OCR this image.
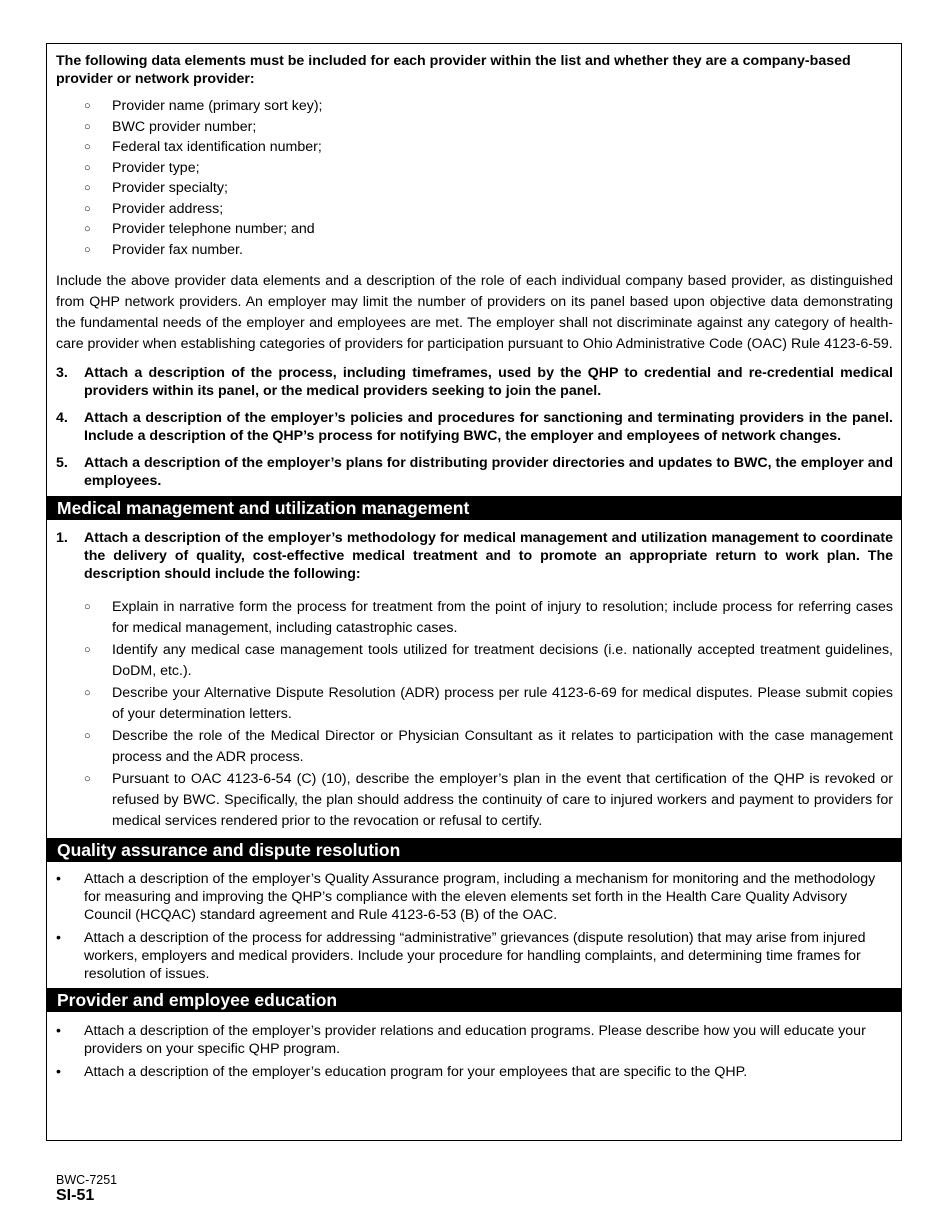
The following data elements must be included for each provider within the list and whether they are a company-based provider or network provider:

○ Provider name (primary sort key);
○ BWC provider number;
○ Federal tax identification number;
○ Provider type;
○ Provider specialty;
○ Provider address;
○ Provider telephone number; and
○ Provider fax number.

Include the above provider data elements and a description of the role of each individual company based provider, as distinguished from QHP network providers. An employer may limit the number of providers on its panel based upon objective data demonstrating the fundamental needs of the employer and employees are met. The employer shall not discriminate against any category of health-care provider when establishing categories of providers for participation pursuant to Ohio Administrative Code (OAC) Rule 4123-6-59.

3. Attach a description of the process, including timeframes, used by the QHP to credential and re-credential medical providers within its panel, or the medical providers seeking to join the panel.
4. Attach a description of the employer’s policies and procedures for sanctioning and terminating providers in the panel. Include a description of the QHP’s process for notifying BWC, the employer and employees of network changes.
5. Attach a description of the employer’s plans for distributing provider directories and updates to BWC, the employer and employees.
Medical management and utilization management
1. Attach a description of the employer’s methodology for medical management and utilization management to coordinate the delivery of quality, cost-effective medical treatment and to promote an appropriate return to work plan. The description should include the following:
○ Explain in narrative form the process for treatment from the point of injury to resolution; include process for referring cases for medical management, including catastrophic cases.
○ Identify any medical case management tools utilized for treatment decisions (i.e. nationally accepted treatment guidelines, DoDM, etc.).
○ Describe your Alternative Dispute Resolution (ADR) process per rule 4123-6-69 for medical disputes. Please submit copies of your determination letters.
○ Describe the role of the Medical Director or Physician Consultant as it relates to participation with the case management process and the ADR process.
○ Pursuant to OAC 4123-6-54 (C) (10), describe the employer’s plan in the event that certification of the QHP is revoked or refused by BWC. Specifically, the plan should address the continuity of care to injured workers and payment to providers for medical services rendered prior to the revocation or refusal to certify.
Quality assurance and dispute resolution
• Attach a description of the employer’s Quality Assurance program, including a mechanism for monitoring and the methodology for measuring and improving the QHP’s compliance with the eleven elements set forth in the Health Care Quality Advisory Council (HCQAC) standard agreement and Rule 4123-6-53 (B) of the OAC.
• Attach a description of the process for addressing “administrative” grievances (dispute resolution) that may arise from injured workers, employers and medical providers. Include your procedure for handling complaints, and determining time frames for resolution of issues.
Provider and employee education
• Attach a description of the employer’s provider relations and education programs. Please describe how you will educate your providers on your specific QHP program.
• Attach a description of the employer’s education program for your employees that are specific to the QHP.
BWC-7251
SI-51
